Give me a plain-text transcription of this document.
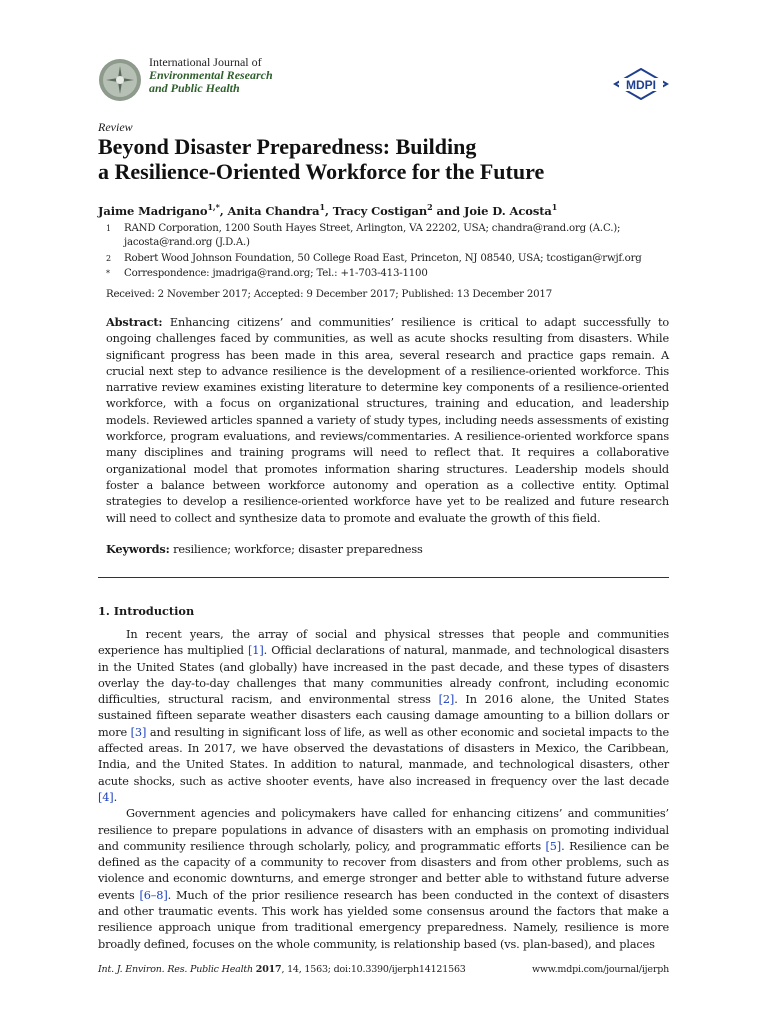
International Journal of
Environmental Research
and Public Health	MDPI
Review
Beyond Disaster Preparedness: Building
a Resilience-Oriented Workforce for the Future
Jaime Madrigano$^{1,*}$, Anita Chandra$^1$, Tracy Costigan$^2$ and Joie D. Acosta$^1$
1 RAND Corporation, 1200 South Hayes Street, Arlington, VA 22202, USA; chandra@rand.org (A.C.);
jacosta@rand.org (J.D.A.)
2 Robert Wood Johnson Foundation, 50 College Road East, Princeton, NJ 08540, USA; tcostigan@rwjf.org
* Correspondence: jmadriga@rand.org; Tel.: +1-703-413-1100
Received: 2 November 2017; Accepted: 9 December 2017; Published: 13 December 2017
Abstract: Enhancing citizens’ and communities’ resilience is critical to adapt successfully to ongoing challenges faced by communities, as well as acute shocks resulting from disasters. While significant progress has been made in this area, several research and practice gaps remain. A crucial next step to advance resilience is the development of a resilience-oriented workforce. This narrative review examines existing literature to determine key components of a resilience-oriented workforce, with a focus on organizational structures, training and education, and leadership models. Reviewed articles spanned a variety of study types, including needs assessments of existing workforce, program evaluations, and reviews/commentaries. A resilience-oriented workforce spans many disciplines and training programs will need to reflect that. It requires a collaborative organizational model that promotes information sharing structures. Leadership models should foster a balance between workforce autonomy and operation as a collective entity. Optimal strategies to develop a resilience-oriented workforce have yet to be realized and future research will need to collect and synthesize data to promote and evaluate the growth of this field.
Keywords: resilience; workforce; disaster preparedness
1. Introduction

In recent years, the array of social and physical stresses that people and communities experience has multiplied [1]. Official declarations of natural, manmade, and technological disasters in the United States (and globally) have increased in the past decade, and these types of disasters overlay the day-to-day challenges that many communities already confront, including economic difficulties, structural racism, and environmental stress [2]. In 2016 alone, the United States sustained fifteen separate weather disasters each causing damage amounting to a billion dollars or more [3] and resulting in significant loss of life, as well as other economic and societal impacts to the affected areas. In 2017, we have observed the devastations of disasters in Mexico, the Caribbean, India, and the United States. In addition to natural, manmade, and technological disasters, other acute shocks, such as active shooter events, have also increased in frequency over the last decade [4].

Government agencies and policymakers have called for enhancing citizens’ and communities’ resilience to prepare populations in advance of disasters with an emphasis on promoting individual and community resilience through scholarly, policy, and programmatic efforts [5]. Resilience can be defined as the capacity of a community to recover from disasters and from other problems, such as violence and economic downturns, and emerge stronger and better able to withstand future adverse events [6–8]. Much of the prior resilience research has been conducted in the context of disasters and other traumatic events. This work has yielded some consensus around the factors that make a resilience approach unique from traditional emergency preparedness. Namely, resilience is more broadly defined, focuses on the whole community, is relationship based (vs. plan-based), and places

Int. J. Environ. Res. Public Health 2017, 14, 1563; doi:10.3390/ijerph14121563	www.mdpi.com/journal/ijerph
